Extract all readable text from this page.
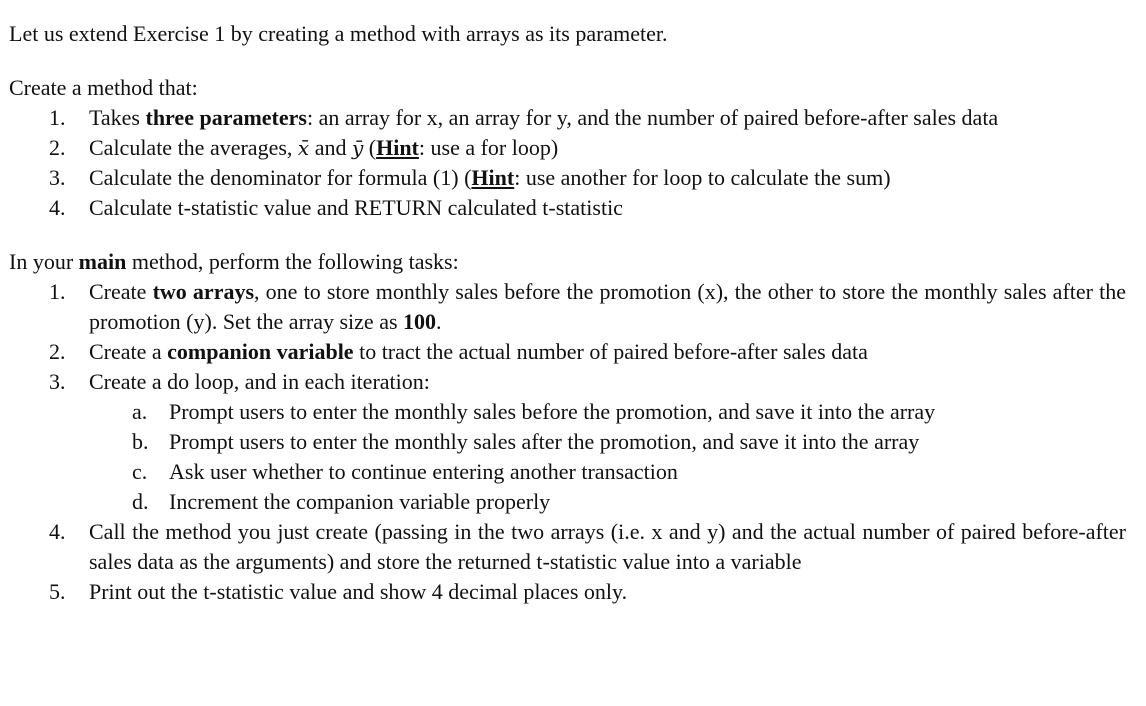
Let us extend Exercise 1 by creating a method with arrays as its parameter.

Create a method that:

1. Takes three parameters: an array for x, an array for y, and the number of paired before-after sales data
2. Calculate the averages, x̄ and ȳ (Hint: use a for loop)
3. Calculate the denominator for formula (1) (Hint: use another for loop to calculate the sum)
4. Calculate t-statistic value and RETURN calculated t-statistic

In your main method, perform the following tasks:

1. Create two arrays, one to store monthly sales before the promotion (x), the other to store the monthly sales after the promotion (y). Set the array size as 100.
2. Create a companion variable to tract the actual number of paired before-after sales data
3. Create a do loop, and in each iteration:
a. Prompt users to enter the monthly sales before the promotion, and save it into the array
b. Prompt users to enter the monthly sales after the promotion, and save it into the array
c. Ask user whether to continue entering another transaction
d. Increment the companion variable properly
4. Call the method you just create (passing in the two arrays (i.e. x and y) and the actual number of paired before-after sales data as the arguments) and store the returned t-statistic value into a variable
5. Print out the t-statistic value and show 4 decimal places only.
